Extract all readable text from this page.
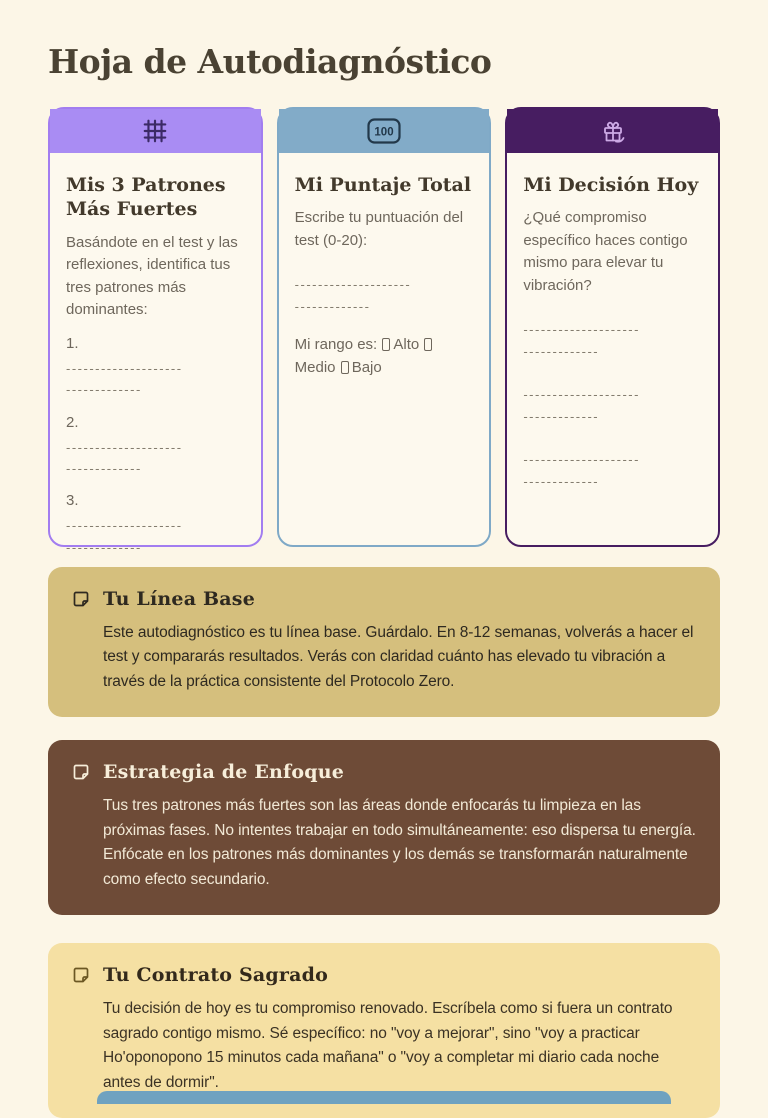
Hoja de Autodiagnóstico
Mis 3 Patrones Más Fuertes
Basándote en el test y las reflexiones, identifica tus tres patrones más dominantes:
1.
--------------------
-------------
2.
--------------------
-------------
3.
--------------------
-------------
100
Mi Puntaje Total
Escribe tu puntuación del test (0-20):
--------------------
-------------
Mi rango es: Alto Medio Bajo
Mi Decisión Hoy
¿Qué compromiso específico haces contigo mismo para elevar tu vibración?
--------------------
-------------
--------------------
-------------
--------------------
-------------
Tu Línea Base
Este autodiagnóstico es tu línea base. Guárdalo. En 8-12 semanas, volverás a hacer el test y compararás resultados. Verás con claridad cuánto has elevado tu vibración a través de la práctica consistente del Protocolo Zero.
Estrategia de Enfoque
Tus tres patrones más fuertes son las áreas donde enfocarás tu limpieza en las próximas fases. No intentes trabajar en todo simultáneamente: eso dispersa tu energía. Enfócate en los patrones más dominantes y los demás se transformarán naturalmente como efecto secundario.
Tu Contrato Sagrado
Tu decisión de hoy es tu compromiso renovado. Escríbela como si fuera un contrato sagrado contigo mismo. Sé específico: no "voy a mejorar", sino "voy a practicar Ho'oponopono 15 minutos cada mañana" o "voy a completar mi diario cada noche antes de dormir".
